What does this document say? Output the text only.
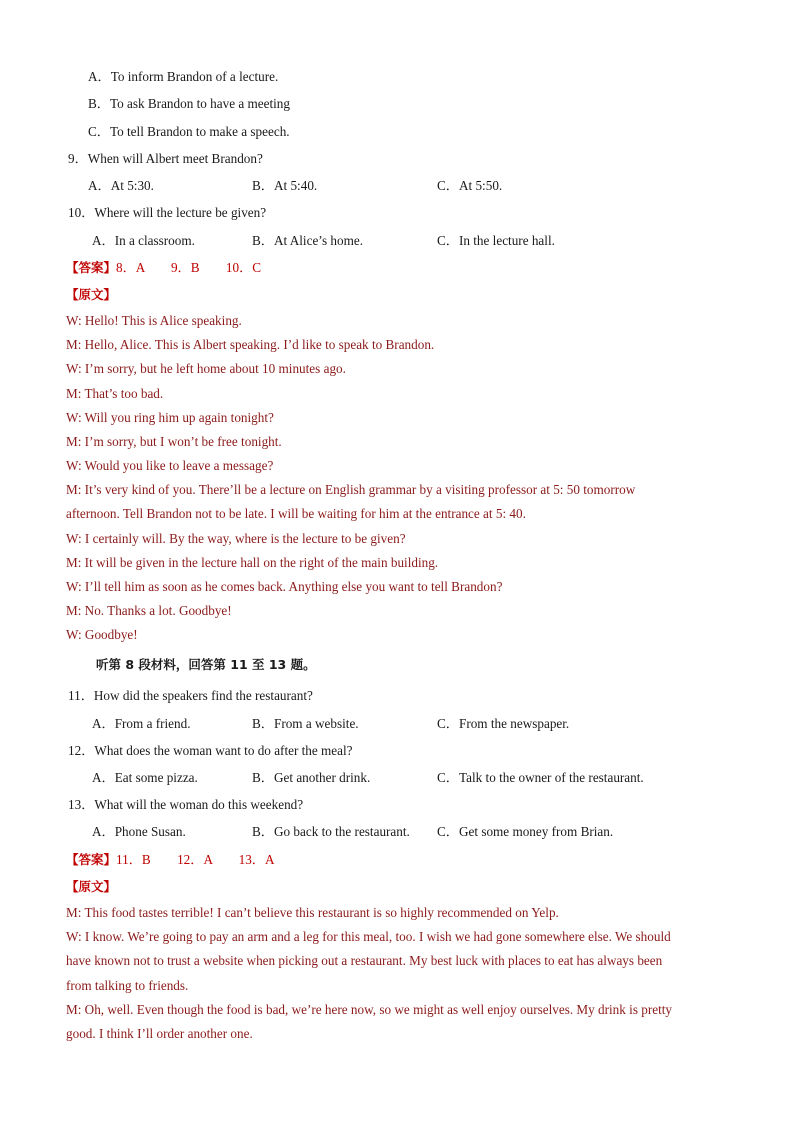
A．To inform Brandon of a lecture.
B．To ask Brandon to have a meeting
C．To tell Brandon to make a speech.
9．When will Albert meet Brandon?
A．At 5:30.	B．At 5:40.	C．At 5:50.
10．Where will the lecture be given?
A．In a classroom.	B．At Alice’s home.	C．In the lecture hall.
【答案】8．A　　9．B　　10．C
【原文】
W: Hello! This is Alice speaking.
M: Hello, Alice. This is Albert speaking. I’d like to speak to Brandon.
W: I’m sorry, but he left home about 10 minutes ago.
M: That’s too bad.
W: Will you ring him up again tonight?
M: I’m sorry, but I won’t be free tonight.
W: Would you like to leave a message?
M: It’s very kind of you. There’ll be a lecture on English grammar by a visiting professor at 5: 50 tomorrow
afternoon. Tell Brandon not to be late. I will be waiting for him at the entrance at 5: 40.
W: I certainly will. By the way, where is the lecture to be given?
M: It will be given in the lecture hall on the right of the main building.
W: I’ll tell him as soon as he comes back. Anything else you want to tell Brandon?
M: No. Thanks a lot. Goodbye!
W: Goodbye!
听第 8 段材料，回答第 11 至 13 题。
11．How did the speakers find the restaurant?
A．From a friend.	B．From a website.	C．From the newspaper.
12．What does the woman want to do after the meal?
A．Eat some pizza.	B．Get another drink.	C．Talk to the owner of the restaurant.
13．What will the woman do this weekend?
A．Phone Susan.	B．Go back to the restaurant. C．Get some money from Brian.
【答案】11．B　　12．A　　13．A
【原文】
M: This food tastes terrible! I can’t believe this restaurant is so highly recommended on Yelp.
W: I know. We’re going to pay an arm and a leg for this meal, too. I wish we had gone somewhere else. We should
have known not to trust a website when picking out a restaurant. My best luck with places to eat has always been
from talking to friends.
M: Oh, well. Even though the food is bad, we’re here now, so we might as well enjoy ourselves. My drink is pretty
good. I think I’ll order another one.
